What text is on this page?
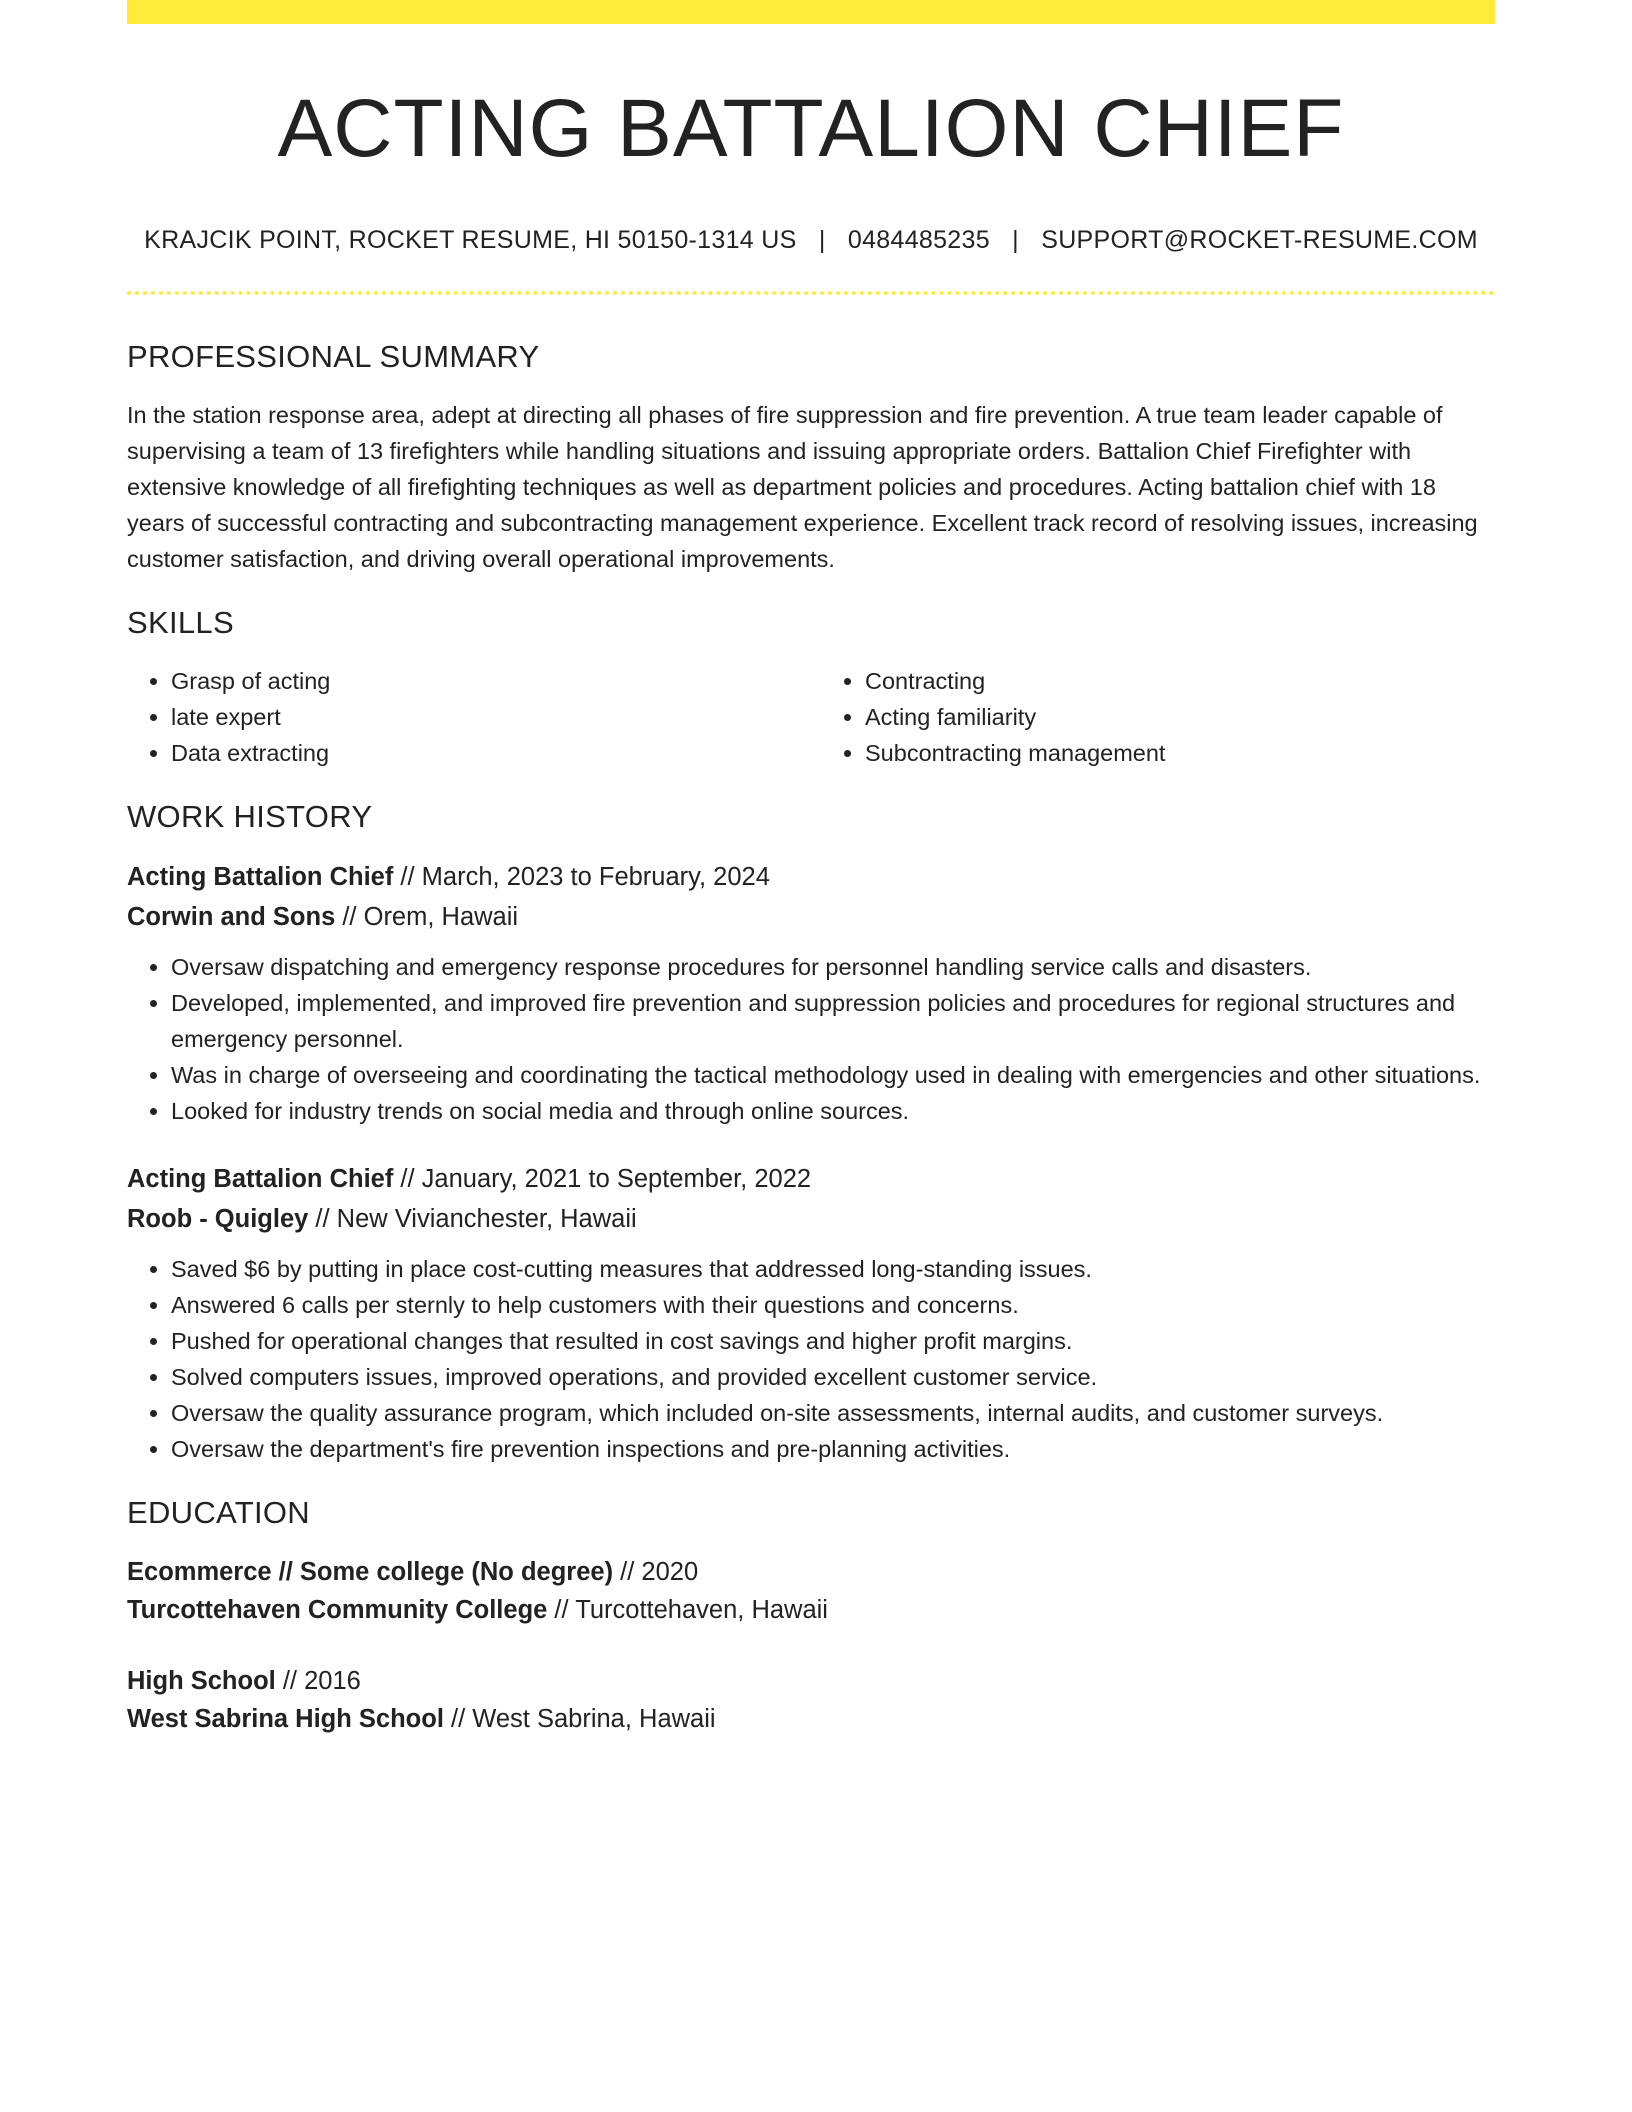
ACTING BATTALION CHIEF
KRAJCIK POINT, ROCKET RESUME, HI 50150-1314 US | 0484485235 | SUPPORT@ROCKET-RESUME.COM
PROFESSIONAL SUMMARY

In the station response area, adept at directing all phases of fire suppression and fire prevention. A true team leader capable of supervising a team of 13 firefighters while handling situations and issuing appropriate orders. Battalion Chief Firefighter with extensive knowledge of all firefighting techniques as well as department policies and procedures. Acting battalion chief with 18 years of successful contracting and subcontracting management experience. Excellent track record of resolving issues, increasing customer satisfaction, and driving overall operational improvements.

SKILLS
• Grasp of acting
• late expert
• Data extracting
• Contracting
• Acting familiarity
• Subcontracting management
WORK HISTORY
Acting Battalion Chief // March, 2023 to February, 2024
Corwin and Sons // Orem, Hawaii
• Oversaw dispatching and emergency response procedures for personnel handling service calls and disasters.
• Developed, implemented, and improved fire prevention and suppression policies and procedures for regional structures and emergency personnel.
• Was in charge of overseeing and coordinating the tactical methodology used in dealing with emergencies and other situations.
• Looked for industry trends on social media and through online sources.
Acting Battalion Chief // January, 2021 to September, 2022
Roob - Quigley // New Vivianchester, Hawaii
• Saved $6 by putting in place cost-cutting measures that addressed long-standing issues.
• Answered 6 calls per sternly to help customers with their questions and concerns.
• Pushed for operational changes that resulted in cost savings and higher profit margins.
• Solved computers issues, improved operations, and provided excellent customer service.
• Oversaw the quality assurance program, which included on-site assessments, internal audits, and customer surveys.
• Oversaw the department's fire prevention inspections and pre-planning activities.
EDUCATION
Ecommerce // Some college (No degree) // 2020
Turcottehaven Community College // Turcottehaven, Hawaii
High School // 2016
West Sabrina High School // West Sabrina, Hawaii
